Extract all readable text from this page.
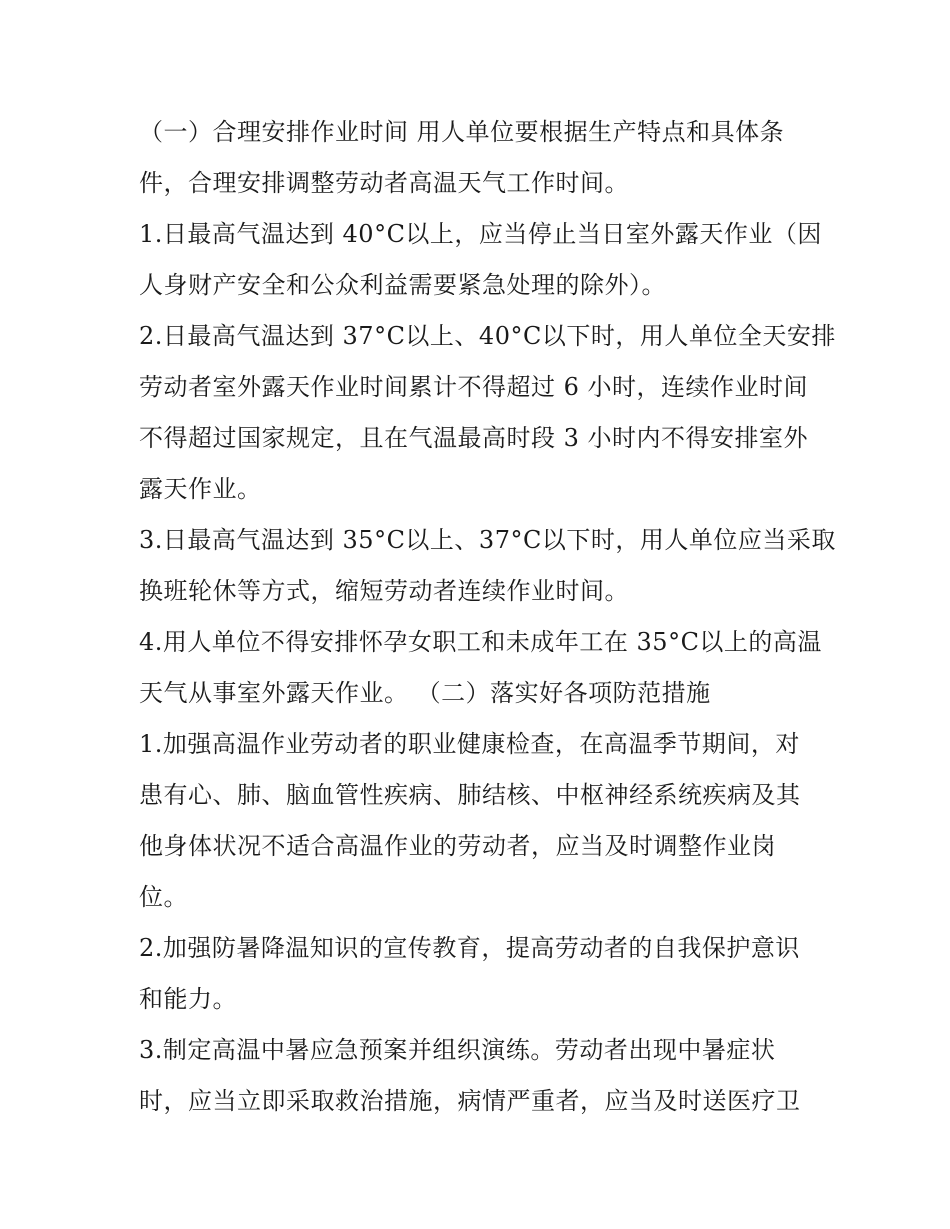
（一）合理安排作业时间 用人单位要根据生产特点和具体条
件，合理安排调整劳动者高温天气工作时间。
1.日最高气温达到 40°C以上，应当停止当日室外露天作业（因
人身财产安全和公众利益需要紧急处理的除外）。
2.日最高气温达到 37°C以上、40°C以下时，用人单位全天安排
劳动者室外露天作业时间累计不得超过 6 小时，连续作业时间
不得超过国家规定，且在气温最高时段 3 小时内不得安排室外
露天作业。
3.日最高气温达到 35°C以上、37°C以下时，用人单位应当采取
换班轮休等方式，缩短劳动者连续作业时间。
4.用人单位不得安排怀孕女职工和未成年工在 35°C以上的高温
天气从事室外露天作业。 （二）落实好各项防范措施
1.加强高温作业劳动者的职业健康检查，在高温季节期间，对
患有心、肺、脑血管性疾病、肺结核、中枢神经系统疾病及其
他身体状况不适合高温作业的劳动者，应当及时调整作业岗
位。
2.加强防暑降温知识的宣传教育，提高劳动者的自我保护意识
和能力。
3.制定高温中暑应急预案并组织演练。劳动者出现中暑症状
时，应当立即采取救治措施，病情严重者，应当及时送医疗卫
